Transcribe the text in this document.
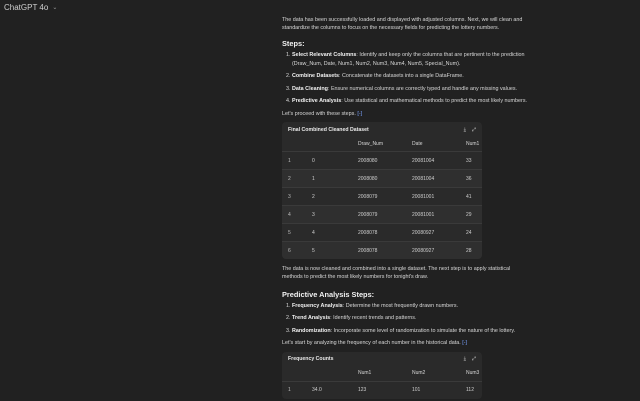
ChatGPT 4o ⌄

The data has been successfully loaded and displayed with adjusted columns. Next, we will clean and standardize the columns to focus on the necessary fields for predicting the lottery numbers.

Steps:
1. Select Relevant Columns: Identify and keep only the columns that are pertinent to the prediction (Draw_Num, Date, Num1, Num2, Num3, Num4, Num5, Special_Num).
2. Combine Datasets: Concatenate the datasets into a single DataFrame.
3. Data Cleaning: Ensure numerical columns are correctly typed and handle any missing values.
4. Predictive Analysis: Use statistical and mathematical methods to predict the most likely numbers.

Let's proceed with these steps. [-]

Final Combined Cleaned Dataset	⤓ ⤢
		Draw_Num	Date	Num1
1	0	2008080	20081004	33
2	1	2008080	20081004	36
3	2	2008079	20081001	41
4	3	2008079	20081001	29
5	4	2008078	20080927	24
6	5	2008078	20080927	28

The data is now cleaned and combined into a single dataset. The next step is to apply statistical methods to predict the most likely numbers for tonight's draw.

Predictive Analysis Steps:
1. Frequency Analysis: Determine the most frequently drawn numbers.
2. Trend Analysis: Identify recent trends and patterns.
3. Randomization: Incorporate some level of randomization to simulate the nature of the lottery.

Let's start by analyzing the frequency of each number in the historical data. [-]

Frequency Counts	⤓ ⤢
		Num1	Num2	Num3
1	34.0	123	101	112
